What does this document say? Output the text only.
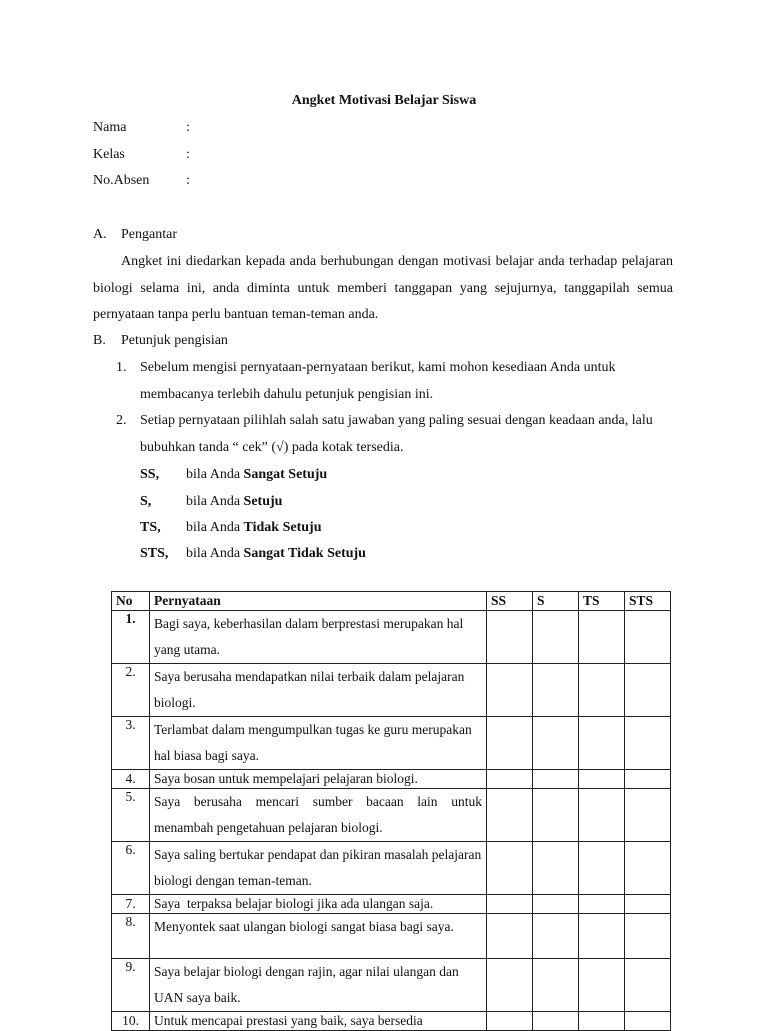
Angket Motivasi Belajar Siswa
Nama	:
Kelas	:
No.Absen	:
A. Pengantar
Angket ini diedarkan kepada anda berhubungan dengan motivasi belajar anda terhadap pelajaran biologi selama ini, anda diminta untuk memberi tanggapan yang sejujurnya, tanggapilah semua pernyataan tanpa perlu bantuan teman-teman anda.
B. Petunjuk pengisian
1. Sebelum mengisi pernyataan-pernyataan berikut, kami mohon kesediaan Anda untuk membacanya terlebih dahulu petunjuk pengisian ini.
2. Setiap pernyataan pilihlah salah satu jawaban yang paling sesuai dengan keadaan anda, lalu bubuhkan tanda “ cek” (√) pada kotak tersedia.
SS, bila Anda Sangat Setuju
S, bila Anda Setuju
TS, bila Anda Tidak Setuju
STS, bila Anda Sangat Tidak Setuju
No	Pernyataan	SS	S	TS	STS
1.	Bagi saya, keberhasilan dalam berprestasi merupakan hal yang utama.				
2.	Saya berusaha mendapatkan nilai terbaik dalam pelajaran biologi.				
3.	Terlambat dalam mengumpulkan tugas ke guru merupakan hal biasa bagi saya.				
4.	Saya bosan untuk mempelajari pelajaran biologi.				
5.	Saya berusaha mencari sumber bacaan lain untuk menambah pengetahuan pelajaran biologi.				
6.	Saya saling bertukar pendapat dan pikiran masalah pelajaran biologi dengan teman-teman.				
7.	Saya  terpaksa belajar biologi jika ada ulangan saja.				
8.	Menyontek saat ulangan biologi sangat biasa bagi saya.				
9.	Saya belajar biologi dengan rajin, agar nilai ulangan dan UAN saya baik.				
10.	Untuk mencapai prestasi yang baik, saya bersedia				
